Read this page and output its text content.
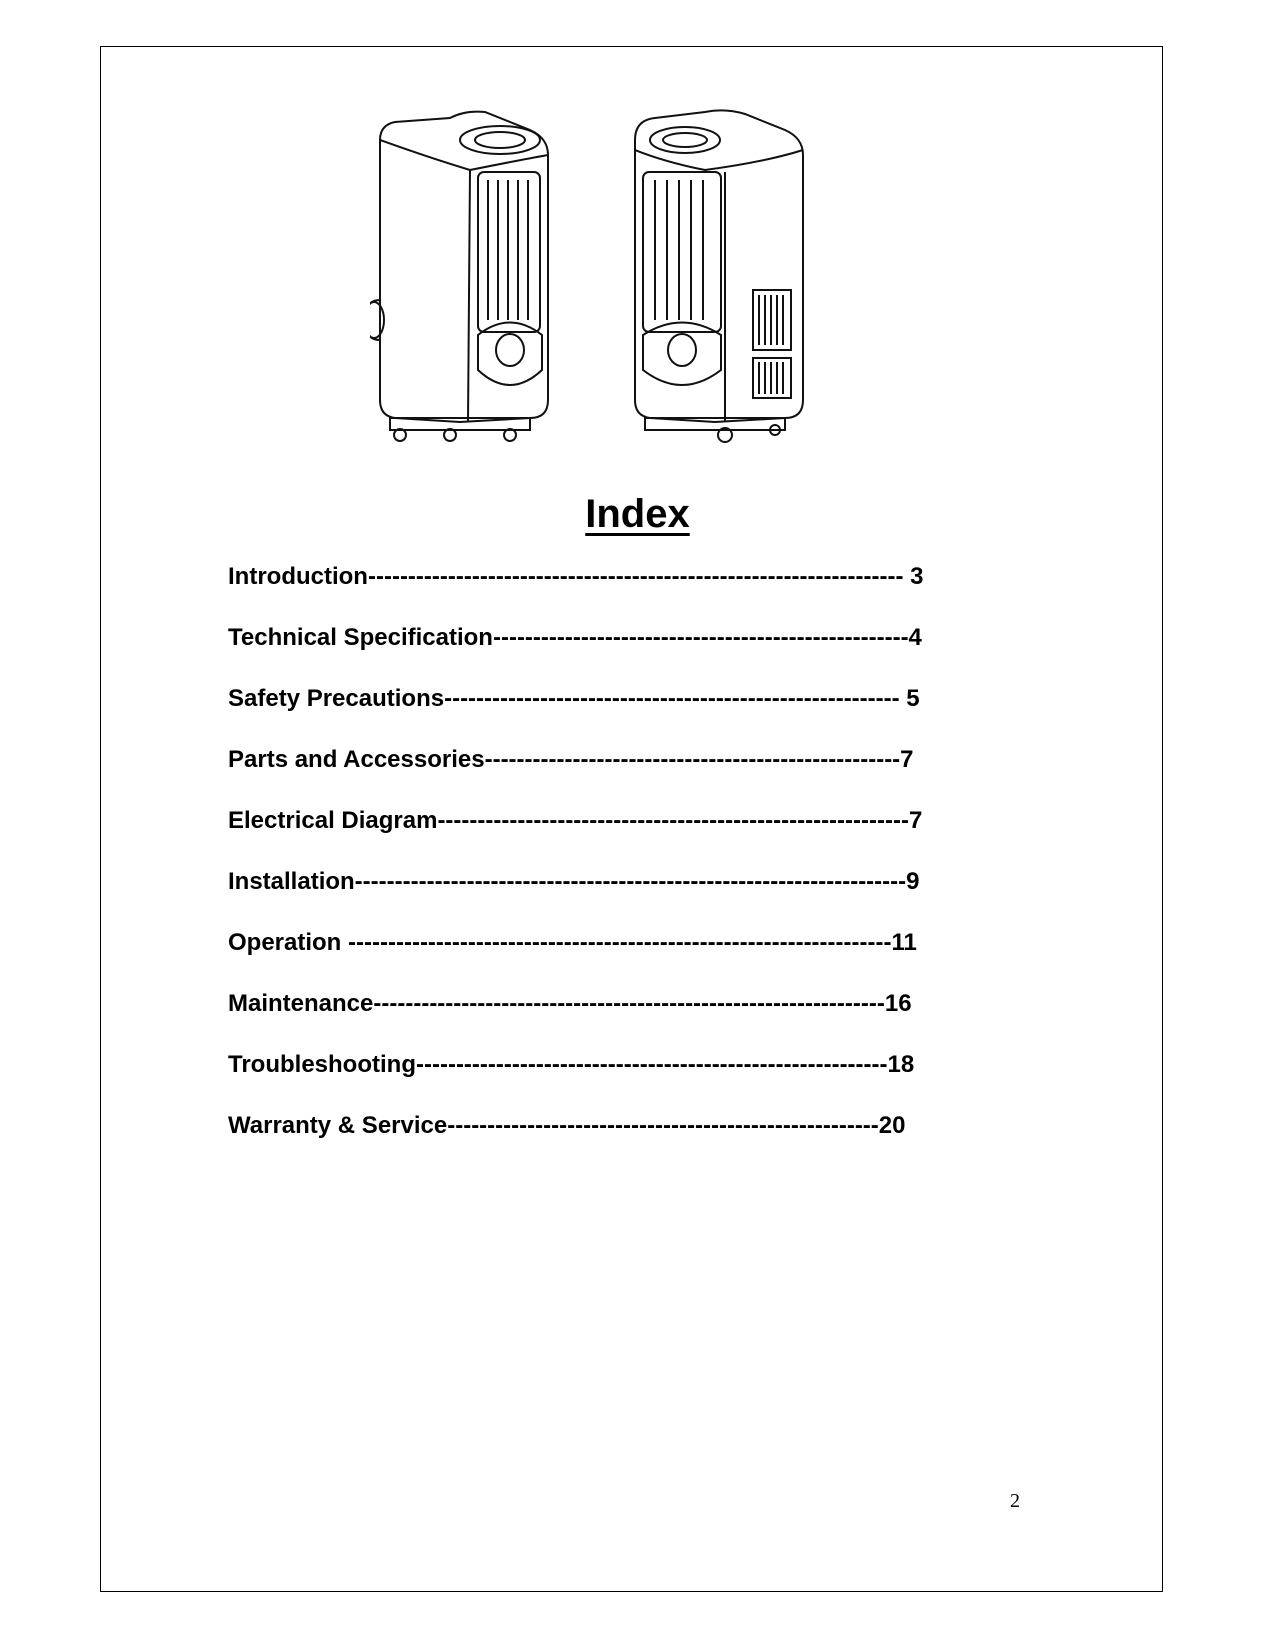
Index
Introduction------------------------------------------------------------------- 3
Technical Specification----------------------------------------------------4
Safety Precautions--------------------------------------------------------- 5
Parts and Accessories----------------------------------------------------7
Electrical Diagram-----------------------------------------------------------7
Installation---------------------------------------------------------------------9
Operation --------------------------------------------------------------------11
Maintenance----------------------------------------------------------------16
Troubleshooting-----------------------------------------------------------18
Warranty & Service------------------------------------------------------20
2
